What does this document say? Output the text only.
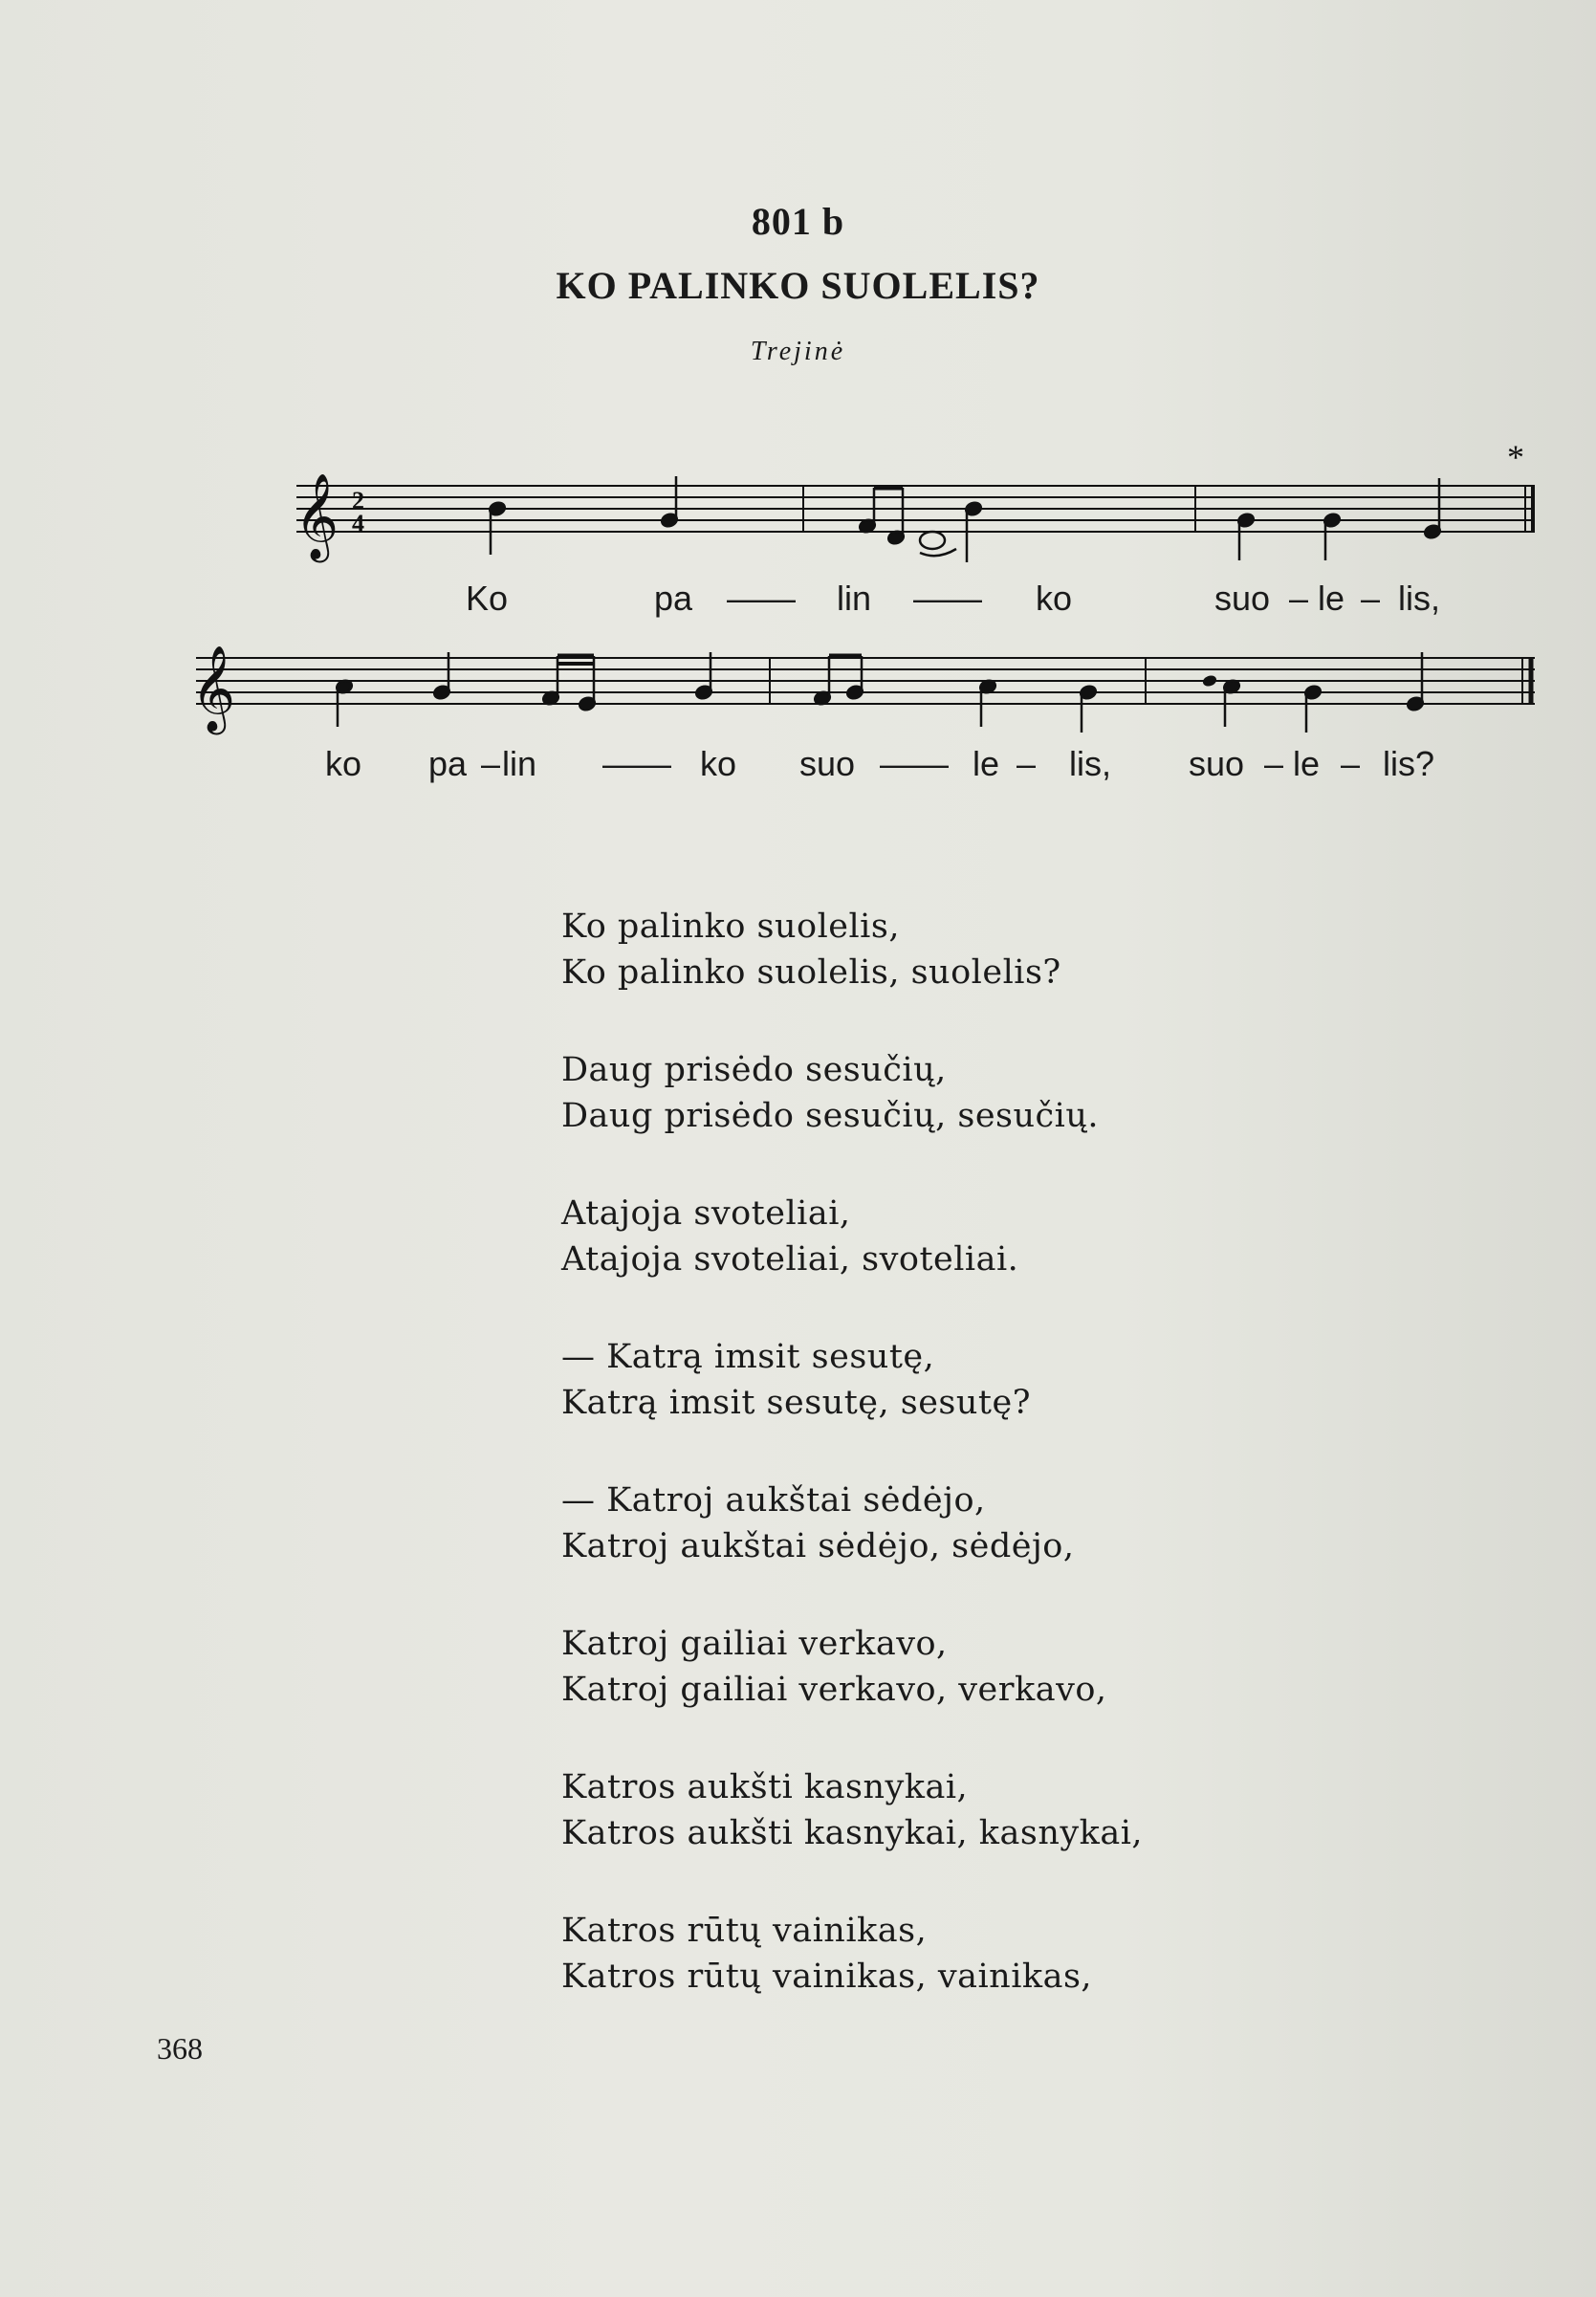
801 b
KO PALINKO SUOLELIS?
Trejinė
𝄞
𝄞
2
4
*
Ko	pa —— lin —— ko	suo – le – lis,
ko pa – lin —— ko suo —— le – lis, suo – le – lis?
Ko palinko suolelis,
Ko palinko suolelis, suolelis?
Daug prisėdo sesučių,
Daug prisėdo sesučių, sesučių.
Atajoja svoteliai,
Atajoja svoteliai, svoteliai.
— Katrą imsit sesutę,
Katrą imsit sesutę, sesutę?
— Katroj aukštai sėdėjo,
Katroj aukštai sėdėjo, sėdėjo,
Katroj gailiai verkavo,
Katroj gailiai verkavo, verkavo,
Katros aukšti kasnykai,
Katros aukšti kasnykai, kasnykai,
Katros rūtų vainikas,
Katros rūtų vainikas, vainikas,
368
